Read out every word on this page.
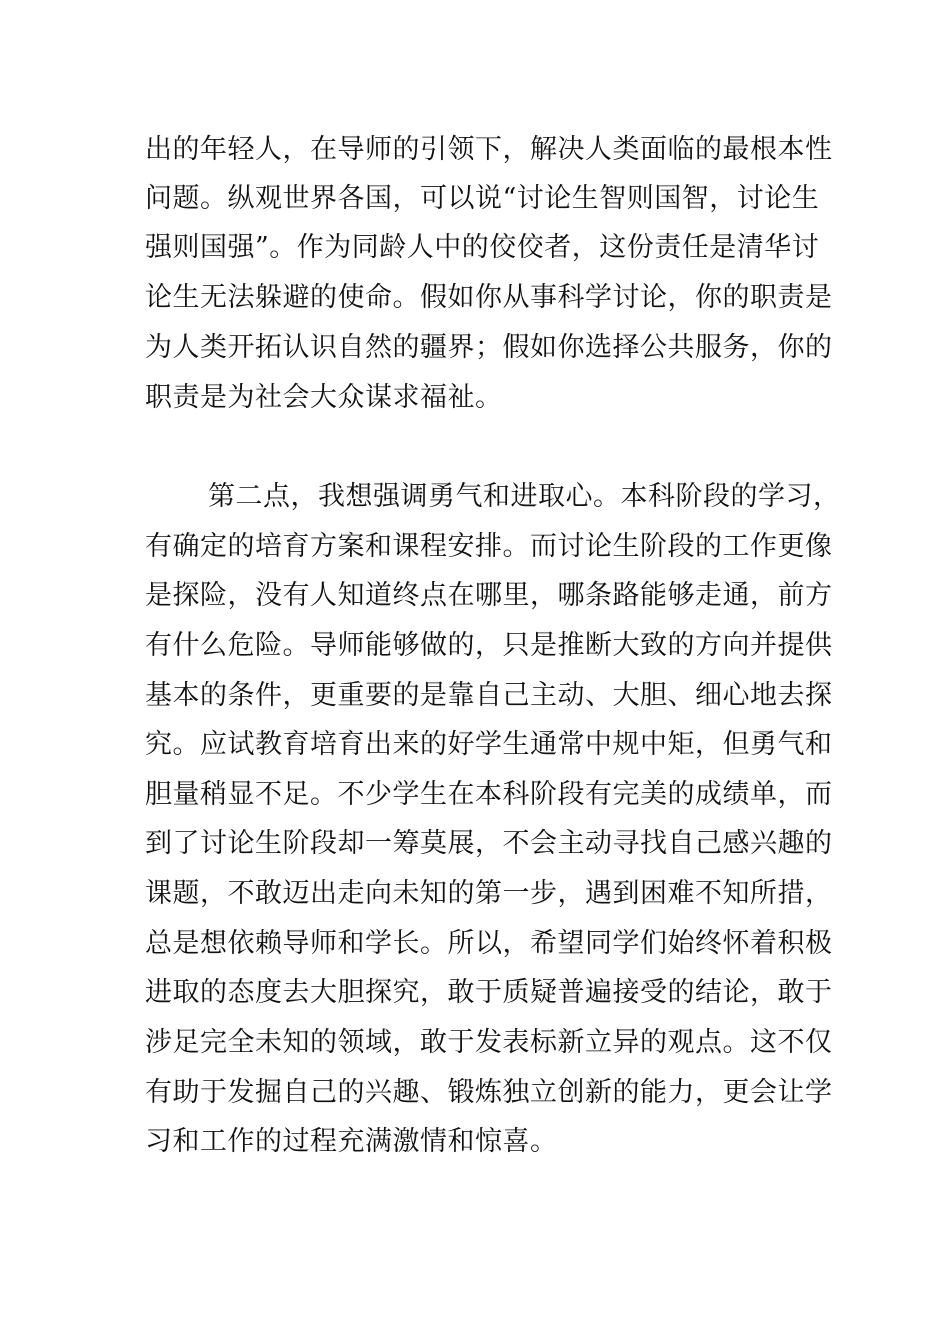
出的年轻人，在导师的引领下，解决人类面临的最根本性
问题。纵观世界各国，可以说“讨论生智则国智，讨论生
强则国强”。作为同龄人中的佼佼者，这份责任是清华讨
论生无法躲避的使命。假如你从事科学讨论，你的职责是
为人类开拓认识自然的疆界；假如你选择公共服务，你的
职责是为社会大众谋求福祉。
第二点，我想强调勇气和进取心。本科阶段的学习，
有确定的培育方案和课程安排。而讨论生阶段的工作更像
是探险，没有人知道终点在哪里，哪条路能够走通，前方
有什么危险。导师能够做的，只是推断大致的方向并提供
基本的条件，更重要的是靠自己主动、大胆、细心地去探
究。应试教育培育出来的好学生通常中规中矩，但勇气和
胆量稍显不足。不少学生在本科阶段有完美的成绩单，而
到了讨论生阶段却一筹莫展，不会主动寻找自己感兴趣的
课题，不敢迈出走向未知的第一步，遇到困难不知所措，
总是想依赖导师和学长。所以，希望同学们始终怀着积极
进取的态度去大胆探究，敢于质疑普遍接受的结论，敢于
涉足完全未知的领域，敢于发表标新立异的观点。这不仅
有助于发掘自己的兴趣、锻炼独立创新的能力，更会让学
习和工作的过程充满激情和惊喜。
